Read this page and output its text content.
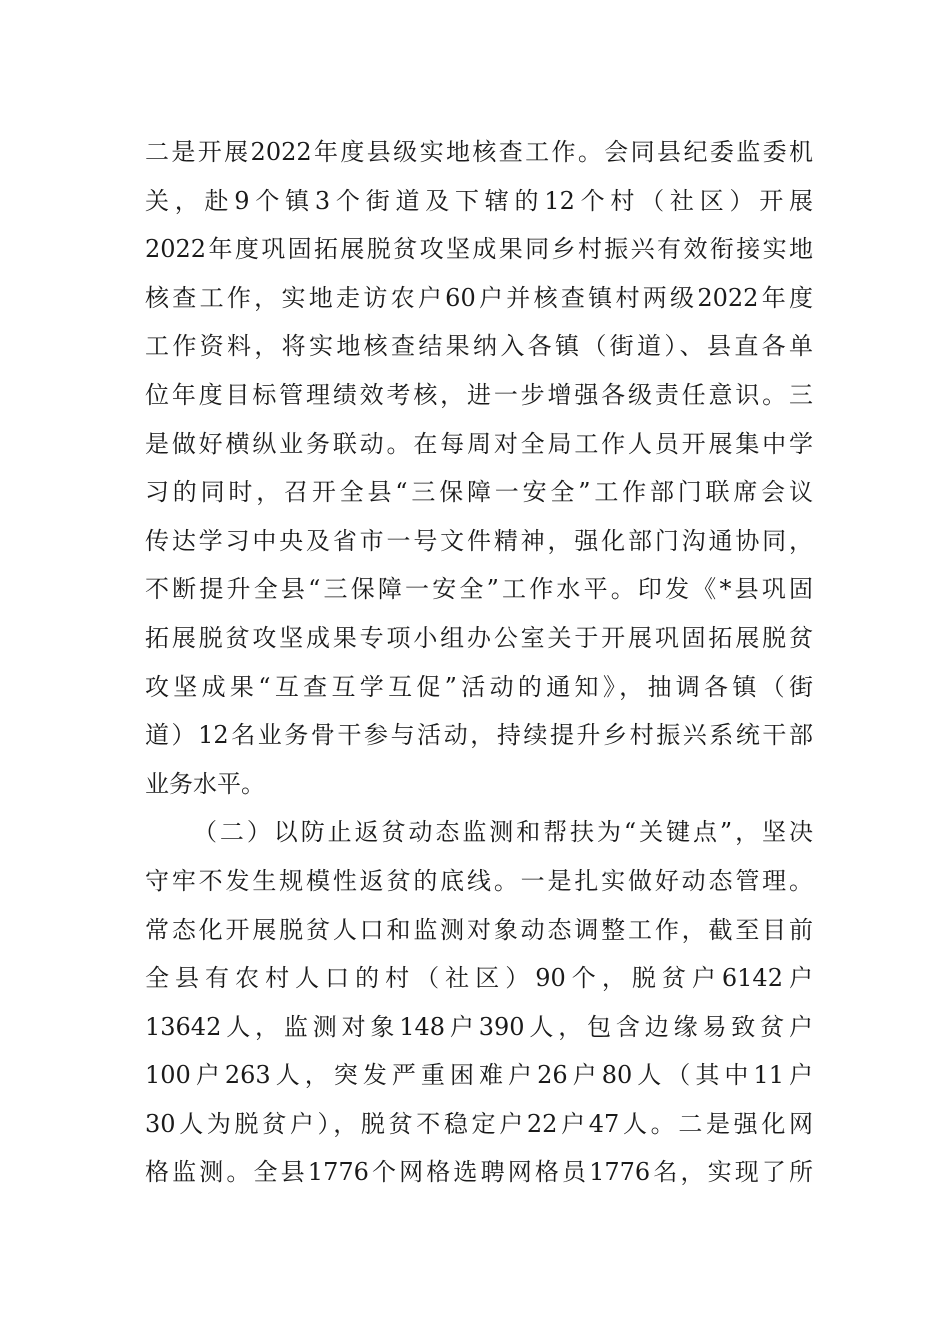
二是开展2022年度县级实地核查工作。会同县纪委监委机
关，赴9个镇3个街道及下辖的12个村（社区）开展
2022年度巩固拓展脱贫攻坚成果同乡村振兴有效衔接实地
核查工作，实地走访农户60户并核查镇村两级2022年度
工作资料，将实地核查结果纳入各镇（街道）、县直各单
位年度目标管理绩效考核，进一步增强各级责任意识。三
是做好横纵业务联动。在每周对全局工作人员开展集中学
习的同时，召开全县“三保障一安全”工作部门联席会议
传达学习中央及省市一号文件精神，强化部门沟通协同，
不断提升全县“三保障一安全”工作水平。印发《*县巩固
拓展脱贫攻坚成果专项小组办公室关于开展巩固拓展脱贫
攻坚成果“互查互学互促”活动的通知》，抽调各镇（街
道）12名业务骨干参与活动，持续提升乡村振兴系统干部
业务水平。
（二）以防止返贫动态监测和帮扶为“关键点”，坚决
守牢不发生规模性返贫的底线。一是扎实做好动态管理。
常态化开展脱贫人口和监测对象动态调整工作，截至目前
全县有农村人口的村（社区）90个，脱贫户6142户
13642人，监测对象148户390人，包含边缘易致贫户
100户263人，突发严重困难户26户80人（其中11户
30人为脱贫户），脱贫不稳定户22户47人。二是强化网
格监测。全县1776个网格选聘网格员1776名，实现了所
